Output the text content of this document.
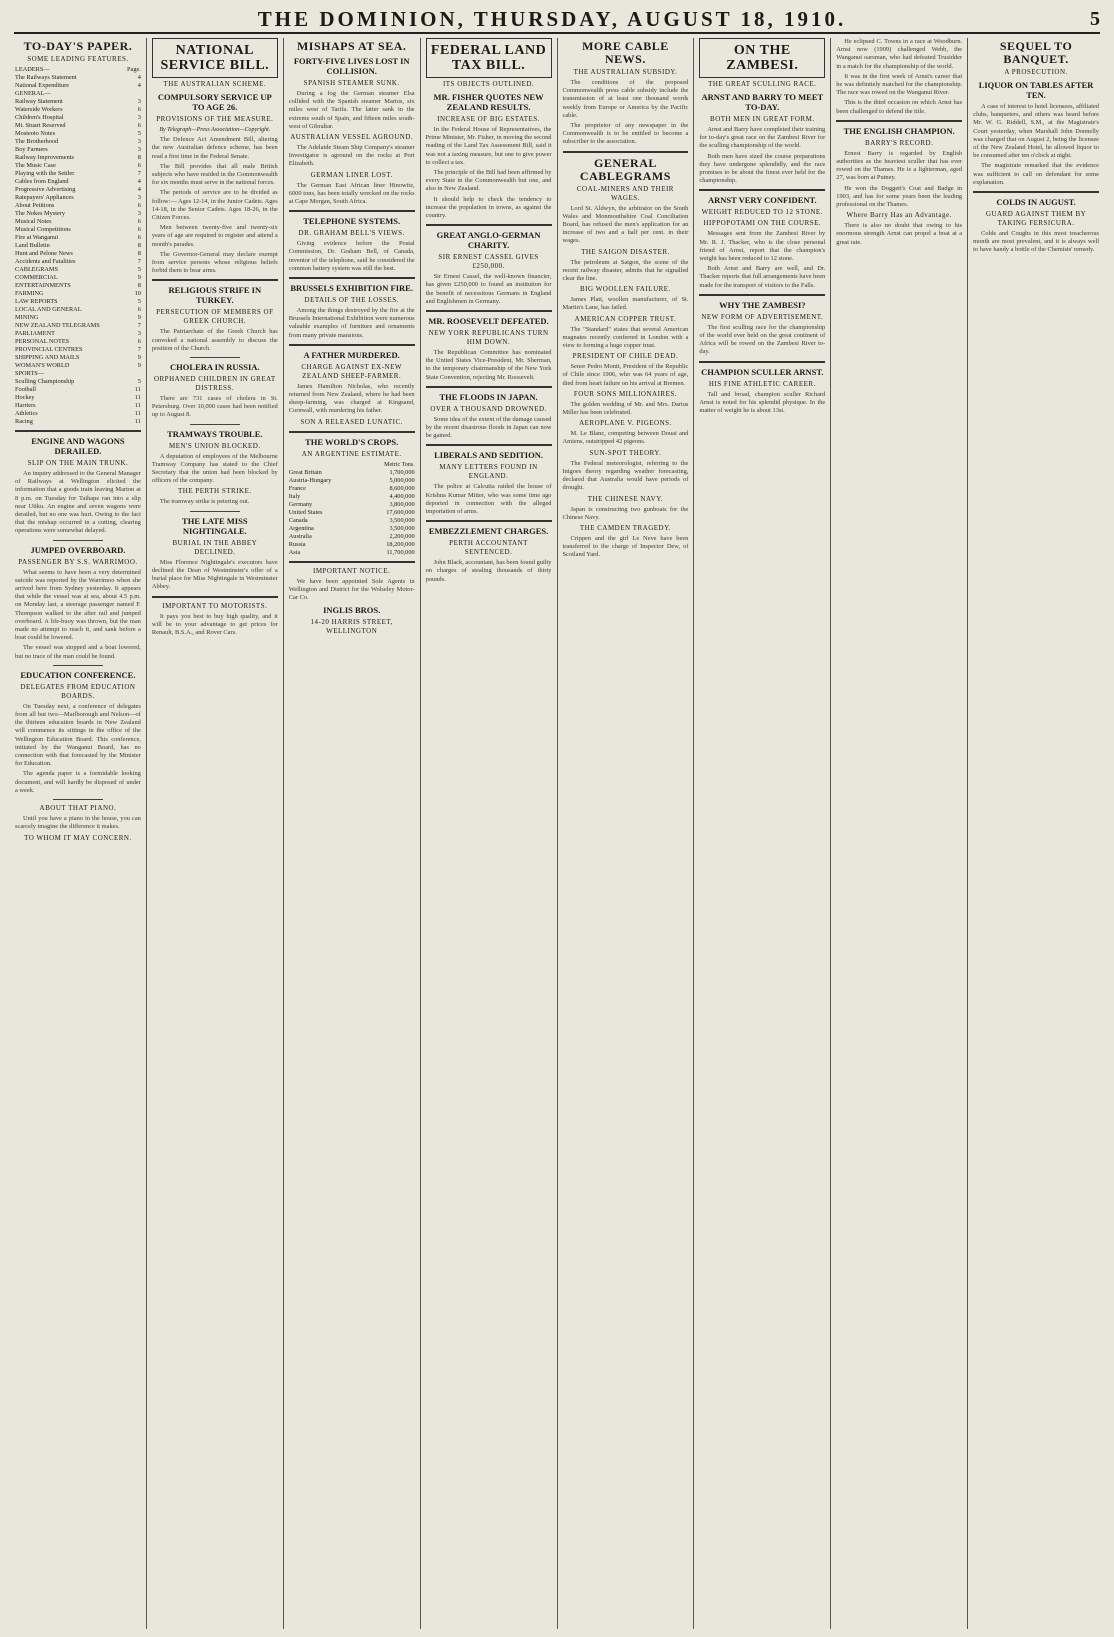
THE DOMINION, THURSDAY, AUGUST 18, 1910.	5
TO-DAY'S PAPER.
SOME LEADING FEATURES.
LEADERS—	Page.
The Railways Statement	4
National Expenditure	4
GENERAL—
Railway Statement	3
Waterside Workers	6
Children's Hospital	3
Mt. Stuart Reserved	6
Mosteoto Notes	5
The Brotherhood	3
Boy Farmers	3
Railway Improvements	8
The Music Case	6
Playing with the Settler	7
Cables from England	4
Progressive Advertising	4
Ratepayers' Appliances	3
About Petitions	6
The Nokes Mystery	3
Musical Notes	6
Musical Competitions	6
Fire at Wanganui	6
Land Bulletin	8
Hunt and Pelone News	8
Accidents and Fatalities	7
CABLEGRAMS	5
COMMERCIAL	9
ENTERTAINMENTS	8
FARMING	10
LAW REPORTS	5
LOCAL AND GENERAL	6
MINING	9
NEW ZEALAND TELEGRAMS	7
PARLIAMENT	3
PERSONAL NOTES	6
PROVINCIAL CENTRES	7
SHIPPING AND MAILS	9
WOMAN'S WORLD	9
SPORTS—
Sculling Championship	5
Football	11
Hockey	11
Harriers	11
Athletics	11
Racing	11
ENGINE AND WAGONS DERAILED.
SLIP ON THE MAIN TRUNK.

An inquiry addressed to the General Manager of Railways at Wellington elicited the information that a goods train leaving Marton at 8 p.m. on Tuesday for Taihape ran into a slip near Utiku. An engine and seven wagons were derailed, but no one was hurt. Owing to the fact that the mishap occurred in a cutting, clearing operations were somewhat delayed.

JUMPED OVERBOARD.
PASSENGER BY S.S. WARRIMOO.

What seems to have been a very determined suicide was reported by the Warrimoo when she arrived here from Sydney yesterday. It appears that while the vessel was at sea, about 4.5 p.m. on Monday last, a steerage passenger named F. Thompson walked to the after rail and jumped overboard. A life-buoy was thrown, but the man made no attempt to reach it, and sank before a boat could be lowered.

The vessel was stopped and a boat lowered, but no trace of the man could be found.

EDUCATION CONFERENCE.
DELEGATES FROM EDUCATION BOARDS.

On Tuesday next, a conference of delegates from all but two—Marlborough and Nelson—of the thirteen education boards in New Zealand will commence its sittings in the office of the Wellington Education Board. This conference, initiated by the Wanganui Board, has no connection with that forecasted by the Minister for Education.

The agenda paper is a formidable looking document, and will hardly be disposed of under a week.

ABOUT THAT PIANO.

Until you have a piano in the house, you can scarcely imagine the difference it makes.

TO WHOM IT MAY CONCERN.
NATIONAL SERVICE BILL.
THE AUSTRALIAN SCHEME.
COMPULSORY SERVICE UP TO AGE 26.
PROVISIONS OF THE MEASURE.
By Telegraph—Press Association—Copyright.

The Defence Act Amendment Bill, altering the new Australian defence scheme, has been read a first time in the Federal Senate.

The Bill provides that all male British subjects who have resided in the Commonwealth for six months must serve in the national forces.

The periods of service are to be divided as follow:— Ages 12-14, in the Junior Cadets. Ages 14-18, in the Senior Cadets. Ages 18-26, in the Citizen Forces.

Men between twenty-five and twenty-six years of age are required to register and attend a month's parades.

The Governor-General may declare exempt from service persons whose religious beliefs forbid them to bear arms.

RELIGIOUS STRIFE IN TURKEY.
PERSECUTION OF MEMBERS OF GREEK CHURCH.

The Patriarchate of the Greek Church has convoked a national assembly to discuss the position of the Church.

CHOLERA IN RUSSIA.
ORPHANED CHILDREN IN GREAT DISTRESS.

There are 731 cases of cholera in St. Petersburg. Over 10,000 cases had been notified up to August 8.

TRAMWAYS TROUBLE.
MEN'S UNION BLOCKED.

A deputation of employees of the Melbourne Tramway Company has stated to the Chief Secretary that the union had been blocked by officers of the company.

THE PERTH STRIKE.

The tramway strike is petering out.

THE LATE MISS NIGHTINGALE.
BURIAL IN THE ABBEY DECLINED.

Miss Florence Nightingale's executors have declined the Dean of Westminster's offer of a burial place for Miss Nightingale in Westminster Abbey.

IMPORTANT TO MOTORISTS.

It pays you best to buy high quality, and it will be to your advantage to get prices for Renault, B.S.A., and Rover Cars.

MISHAPS AT SEA.
FORTY-FIVE LIVES LOST IN COLLISION.
SPANISH STEAMER SUNK.

During a fog the German steamer Elsa collided with the Spanish steamer Martos, six miles west of Tarifa. The latter sank in the extreme south of Spain, and fifteen miles south-west of Gibraltar.

AUSTRALIAN VESSEL AGROUND.

The Adelaide Steam Ship Company's steamer Investigator is aground on the rocks at Port Elizabeth.

GERMAN LINER LOST.

The German East African liner Hinowitz, 6000 tons, has been totally wrecked on the rocks at Cape Morgan, South Africa.

TELEPHONE SYSTEMS.
DR. GRAHAM BELL'S VIEWS.

Giving evidence before the Postal Commission, Dr. Graham Bell, of Canada, inventor of the telephone, said he considered the common battery system was still the best.

BRUSSELS EXHIBITION FIRE.
DETAILS OF THE LOSSES.

Among the things destroyed by the fire at the Brussels International Exhibition were numerous valuable examples of furniture and ornaments from many private mansions.

A FATHER MURDERED.
CHARGE AGAINST EX-NEW ZEALAND SHEEP-FARMER.

James Hamilton Nicholas, who recently returned from New Zealand, where he had been sheep-farming, was charged at Kingsand, Cornwall, with murdering his father.

SON A RELEASED LUNATIC.
THE WORLD'S CROPS.
AN ARGENTINE ESTIMATE.
Metric Tons.
Great Britain	1,700,000
Austria-Hungary	5,000,000
France	8,600,000
Italy	4,400,000
Germany	3,800,000
United States	17,600,000
Canada	3,500,000
Argentina	3,500,000
Australia	2,200,000
Russia	18,200,000
Asia	11,700,000
IMPORTANT NOTICE.

We have been appointed Sole Agents in Wellington and District for the Wolseley Motor-Car Co.

INGLIS BROS.
14-20 HARRIS STREET, WELLINGTON
FEDERAL LAND TAX BILL.
ITS OBJECTS OUTLINED.
MR. FISHER QUOTES NEW ZEALAND RESULTS.
INCREASE OF BIG ESTATES.

In the Federal House of Representatives, the Prime Minister, Mr. Fisher, in moving the second reading of the Land Tax Assessment Bill, said it was not a taxing measure, but one to give power to collect a tax.

The principle of the Bill had been affirmed by every State in the Commonwealth but one, and also in New Zealand.

It should help to check the tendency to increase the population in towns, as against the country.

GREAT ANGLO-GERMAN CHARITY.
SIR ERNEST CASSEL GIVES £250,000.

Sir Ernest Cassel, the well-known financier, has given £250,000 to found an institution for the benefit of necessitous Germans in England and Englishmen in Germany.

MR. ROOSEVELT DEFEATED.
NEW YORK REPUBLICANS TURN HIM DOWN.

The Republican Committee has nominated the United States Vice-President, Mr. Sherman, to the temporary chairmanship of the New York State Convention, rejecting Mr. Roosevelt.

THE FLOODS IN JAPAN.
OVER A THOUSAND DROWNED.

Some idea of the extent of the damage caused by the recent disastrous floods in Japan can now be gained.

LIBERALS AND SEDITION.
MANY LETTERS FOUND IN ENGLAND.

The police at Calcutta raided the house of Krishna Kumar Mitter, who was some time ago deported in connection with the alleged importation of arms.

EMBEZZLEMENT CHARGES.
PERTH ACCOUNTANT SENTENCED.

John Black, accountant, has been found guilty on charges of stealing thousands of thirty pounds.

MORE CABLE NEWS.
THE AUSTRALIAN SUBSIDY.

The conditions of the proposed Commonwealth press cable subsidy include the transmission of at least one thousand words weekly from Europe or America by the Pacific cable.

The proprietor of any newspaper in the Commonwealth is to be entitled to become a subscriber to the association.

GENERAL CABLEGRAMS
COAL-MINERS AND THEIR WAGES.

Lord St. Aldwyn, the arbitrator on the South Wales and Monmouthshire Coal Conciliation Board, has refused the men's application for an increase of two and a half per cent. in their wages.

THE SAIGON DISASTER.

The petroleum at Saigon, the scene of the recent railway disaster, admits that he signalled clear the line.

BIG WOOLLEN FAILURE.

James Platt, woollen manufacturer, of St. Martin's Lane, has failed.

AMERICAN COPPER TRUST.

The "Standard" states that several American magnates recently conferred in London with a view to forming a huge copper trust.

PRESIDENT OF CHILE DEAD.

Senor Pedro Montt, President of the Republic of Chile since 1906, who was 64 years of age, died from heart failure on his arrival at Bremen.

FOUR SONS MILLIONAIRES.

The golden wedding of Mr. and Mrs. Darius Miller has been celebrated.

AEROPLANE V. PIGEONS.

M. Le Blanc, competing between Douai and Amiens, outstripped 42 pigeons.

SUN-SPOT THEORY.

The Federal meteorologist, referring to the Inigoes theory regarding weather forecasting, declared that Australia would have periods of drought.

THE CHINESE NAVY.

Japan is constructing two gunboats for the Chinese Navy.

THE CAMDEN TRAGEDY.

Crippen and the girl Le Neve have been transferred to the charge of Inspector Dew, of Scotland Yard.

ON THE ZAMBESI.
THE GREAT SCULLING RACE.
ARNST AND BARRY TO MEET TO-DAY.
BOTH MEN IN GREAT FORM.

Arnst and Barry have completed their training for to-day's great race on the Zambesi River for the sculling championship of the world.

Both men have sized the course preparations they have undergone splendidly, and the race promises to be about the finest ever held for the championship.

ARNST VERY CONFIDENT.
WEIGHT REDUCED TO 12 STONE.
HIPPOPOTAMI ON THE COURSE.

Messages sent from the Zambesi River by Mr. R. J. Thacker, who is the close personal friend of Arnst, report that the champion's weight has been reduced to 12 stone.

Both Arnst and Barry are well, and Dr. Thacker reports that full arrangements have been made for the transport of visitors to the Falls.

WHY THE ZAMBESI?
NEW FORM OF ADVERTISEMENT.

The first sculling race for the championship of the world ever held on the great continent of Africa will be rowed on the Zambesi River to-day.

CHAMPION SCULLER ARNST.
HIS FINE ATHLETIC CAREER.

Tall and broad, champion sculler Richard Arnst is noted for his splendid physique. In the matter of weight he is about 13st.

He eclipsed C. Towns in a race at Woodburn. Arnst now (1909) challenged Webb, the Wanganui oarsman, who had defeated Trusidder in a match for the championship of the world.

It was in the first week of Arnst's career that he was definitely matched for the championship. The race was rowed on the Wanganui River.

This is the third occasion on which Arnst has been challenged to defend the title.

THE ENGLISH CHAMPION.
BARRY'S RECORD.

Ernest Barry is regarded by English authorities as the heaviest sculler that has ever rowed on the Thames. He is a lighterman, aged 27, was born at Putney.

He won the Doggett's Coat and Badge in 1903, and has for some years been the leading professional on the Thames.

Where Barry Has an Advantage.

There is also no doubt that owing to his enormous strength Arnst can propel a boat at a great rate.

SEQUEL TO BANQUET.
A PROSECUTION.
LIQUOR ON TABLES AFTER TEN.

A case of interest to hotel licensees, affiliated clubs, banqueters, and others was heard before Mr. W. G. Riddell, S.M., at the Magistrate's Court yesterday, when Marshall John Donnelly was charged that on August 2, being the licensee of the New Zealand Hotel, he allowed liquor to be consumed after ten o'clock at night.

The magistrate remarked that the evidence was sufficient to call on defendant for some explanation.

COLDS IN AUGUST.
GUARD AGAINST THEM BY TAKING FERSICURA.

Colds and Coughs in this most treacherous month are most prevalent, and it is always well to have handy a bottle of the Chemists' remedy.
